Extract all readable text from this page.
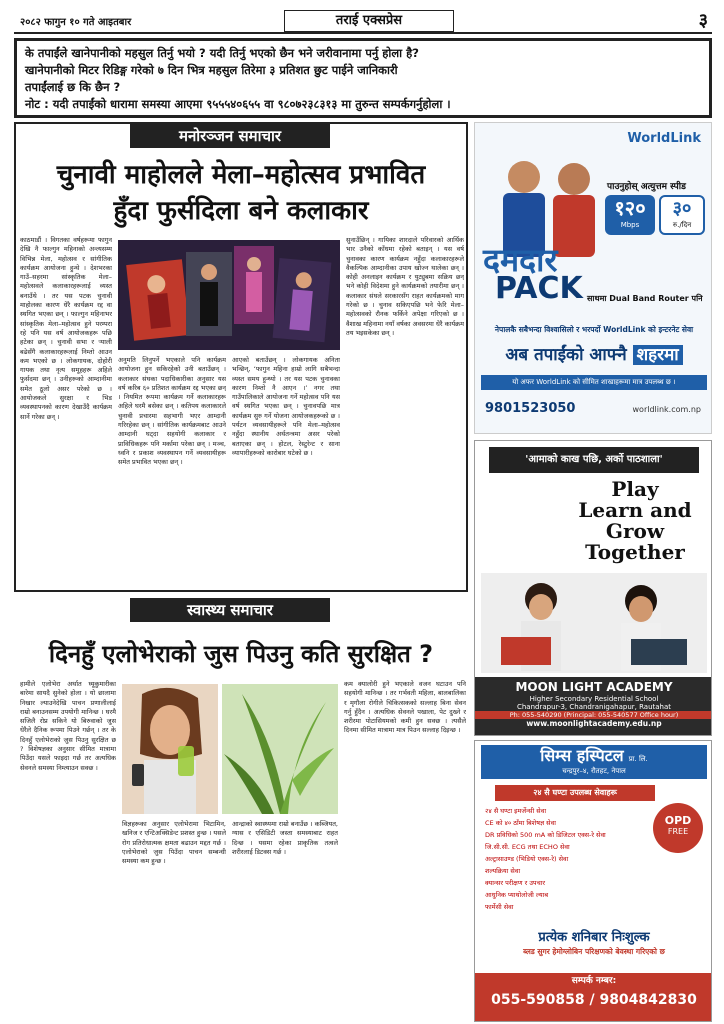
२०८२ फागुन १० गते आइतबार	तराई एक्सप्रेस	३
के तपाईंले खानेपानीको महसुल तिर्नु भयो ? यदी तिर्नु भएको छैन भने जरीवानामा पर्नु होला है?
खानेपानीको मिटर रिडिङ्ग गरेको ७ दिन भित्र महसुल तिरेमा ३ प्रतिशत छुट पाईने जानिकारी
तपाईंलाई छ कि छैन ?
नोट : यदी तपाईंको धारामा समस्या आएमा ९५५५४०६५५ वा ९८०७२३८३१३ मा तुरुन्त सम्पर्कगर्नुहोला ।
मनोरञ्जन समाचार
चुनावी माहोलले मेला–महोत्सव प्रभावित
हुँदा फुर्सदिला बने कलाकार
काठमाडौं । विगतका वर्षहरूमा फागुन देखि नै फाल्गुन महिनाको अन्त्यसम्म विभिन्न मेला, महोत्सव र सांगीतिक कार्यक्रम आयोजना हुन्थे । देशभरका गाउँ–सहरमा सांस्कृतिक मेला–महोत्सवले कलाकारहरूलाई व्यस्त बनाउँथे । तर यस पटक चुनावी माहोलका कारण धेरै कार्यक्रम रद्द वा स्थगित भएका छन् । फाल्गुन महिनाभर सांस्कृतिक मेला–महोत्सव हुने परम्परा रहे पनि यस वर्ष आयोजकहरू पछि हटेका छन् । चुनावी सभा र र्‍याली बढेसँगै कलाकारहरूलाई निम्तो आउन कम भएको छ । लोकगायक, दोहोरी गायक तथा नृत्य समूहहरू अहिले फुर्सदमा छन् । उनीहरूको आम्दानीमा समेत ठूलो असर परेको छ । आयोजकले सुरक्षा र भिड व्यवस्थापनको कारण देखाउँदै कार्यक्रम सार्ने गरेका छन् ।
अनुमति लिनुपर्ने भएकाले पनि कार्यक्रम आयोजना हुन सकिरहेको उनी बताउँछन् । कलाकार संघका पदाधिकारीका अनुसार यस वर्ष करिब ६० प्रतिशत कार्यक्रम रद्द भएका छन् । नियमित रूपमा कार्यक्रम गर्ने कलाकारहरू अहिले घरमै बसेका छन् । कतिपय कलाकारले चुनावी प्रचारमा सहभागी भएर आम्दानी गरिरहेका छन् । सांगीतिक कार्यक्रमबाट आउने आम्दानी घट्दा सहयोगी कलाकार र प्राविधिकहरू पनि मर्कामा परेका छन् । मञ्च, ध्वनि र प्रकाश व्यवस्थापन गर्ने व्यवसायीहरू समेत प्रभावित भएका छन् ।
आएको बताउँछन् । लोकगायक अनिता भन्छिन्, ‘फागुन महिना हाम्रो लागि सबैभन्दा व्यस्त समय हुन्थ्यो । तर यस पटक चुनावका कारण निम्तो नै आएन ।’ नगर तथा गाउँपालिकाले आयोजना गर्ने महोत्सव पनि यस वर्ष स्थगित भएका छन् । चुनावपछि मात्र कार्यक्रम सुरु गर्ने योजना आयोजकहरूको छ । पर्यटन व्यवसायीहरूले पनि मेला–महोत्सव नहुँदा स्थानीय अर्थतन्त्रमा असर परेको बताएका छन् । होटल, रेस्टुरेन्ट र साना व्यापारीहरूको कारोबार घटेको छ ।
सुनाउँछिन् । गायिका शारदाले परिवारको आर्थिक भार उनैको काँधमा रहेको बताइन् । यस वर्ष चुनावका कारण कार्यक्रम नहुँदा कलाकारहरूले वैकल्पिक आम्दानीका उपाय खोज्न थालेका छन् । कोही अनलाइन कार्यक्रम र युट्युबमा सक्रिय छन् भने कोही विदेशमा हुने कार्यक्रमको तयारीमा छन् । कलाकार संघले सरकारसँग राहत कार्यक्रमको माग गरेको छ । चुनाव सकिएपछि भने फेरि मेला–महोत्सवको रौनक फर्किने अपेक्षा गरिएको छ । वैशाख महिनामा नयाँ वर्षका अवसरमा धेरै कार्यक्रम तय भइसकेका छन् ।
स्वास्थ्य समाचार
दिनहुँ एलोभेराको जुस पिउनु कति सुरक्षित ?
हामीले एलोभेरा अर्थात घ्यूकुमारीका बारेमा सायदै सुनेको होला । यो छालामा निखार ल्याउनेदेखि पाचन प्रणालीलाई राम्रो बनाउनसम्म उपयोगी मानिन्छ । घरमै सजिलै रोप्न सकिने यो बिरुवाको जुस धेरैले दैनिक रूपमा पिउने गर्छन् । तर के दिनहुँ एलोभेराको जुस पिउनु सुरक्षित छ ? विशेषज्ञका अनुसार सीमित मात्रामा पिउँदा यसले फाइदा गर्छ तर अत्यधिक सेवनले समस्या निम्त्याउन सक्छ ।
विज्ञहरूका अनुसार एलोभेरामा भिटामिन, खनिज र एन्टिअक्सिडेन्ट प्रशस्त हुन्छ । यसले रोग प्रतिरोधात्मक क्षमता बढाउन मद्दत गर्छ । एलोभेराको जुस पिउँदा पाचन सम्बन्धी समस्या कम हुन्छ ।
आन्द्राको स्वास्थ्यमा राम्रो बनाउँछ । कब्जियत, ग्यास र एसिडिटी जस्ता समस्याबाट राहत दिन्छ । यसमा रहेका प्राकृतिक तत्वले शरीरलाई डिटक्स गर्छ ।
कम क्यालोरी हुने भएकाले वजन घटाउन पनि सहयोगी मानिन्छ । तर गर्भवती महिला, बालबालिका र मृगौला रोगीले चिकित्सकको सल्लाह बिना सेवन गर्नु हुँदैन । अत्यधिक सेवनले पखाला, पेट दुख्ने र शरीरमा पोटासियमको कमी हुन सक्छ । त्यसैले दिनमा सीमित मात्रामा मात्र पिउन सल्लाह दिइन्छ ।
WorldLink
पाउनुहोस् अत्युत्तम स्पीड
१२०
Mbps
३०
रु./दिन
दमदार
PACK साथमा Dual Band Router पनि
नेपालकै सबैभन्दा विश्वासिलो र भरपर्दो WorldLink को इन्टरनेट सेवा
अब तपाईंको आफ्नै शहरमा
यो अफर WorldLink को सीमित शाखाहरूमा मात्र उपलब्ध छ ।
9801523050	worldlink.com.np
'आमाको काख पछि, अर्को पाठशाला'
Play
Learn and
Grow
Together
MOON LIGHT ACADEMY
Higher Secondary Residential School
Chandrapur-3, Chandranigahapur, Rautahat
Ph: 055-540290 (Principal: 055-540577 Office hour)
www.moonlightacademy.edu.np
सिम्स हस्पिटल प्रा. लि.
चन्द्रपुर–४, रौतहट, नेपाल
२४ सै घण्टा उपलब्ध सेवाहरू
OPD
FREE
२४ सै घण्टा इमर्जेन्सी सेवा
CE को ४० ठाँमा बिशेषज्ञ सेवा
DR प्रविधिको 500 mA को डिजिटल एक्स-रे सेवा
जि.सी.सी. ECG तथा ECHO सेवा
अल्ट्रासाउण्ड (भिडियो एक्स-रे) सेवा
शल्यक्रिया सेवा
क्यान्सर परीक्षण र उपचार
आधुनिक प्याथोलोजी ल्याब
फार्मेसी सेवा
प्रत्येक शनिबार निःशुल्क
ब्लड सुगर हेमोग्लोबिन परिक्षणको बेवस्था गरिएको छ
सम्पर्क नम्बर:
055-590858 / 9804842830
